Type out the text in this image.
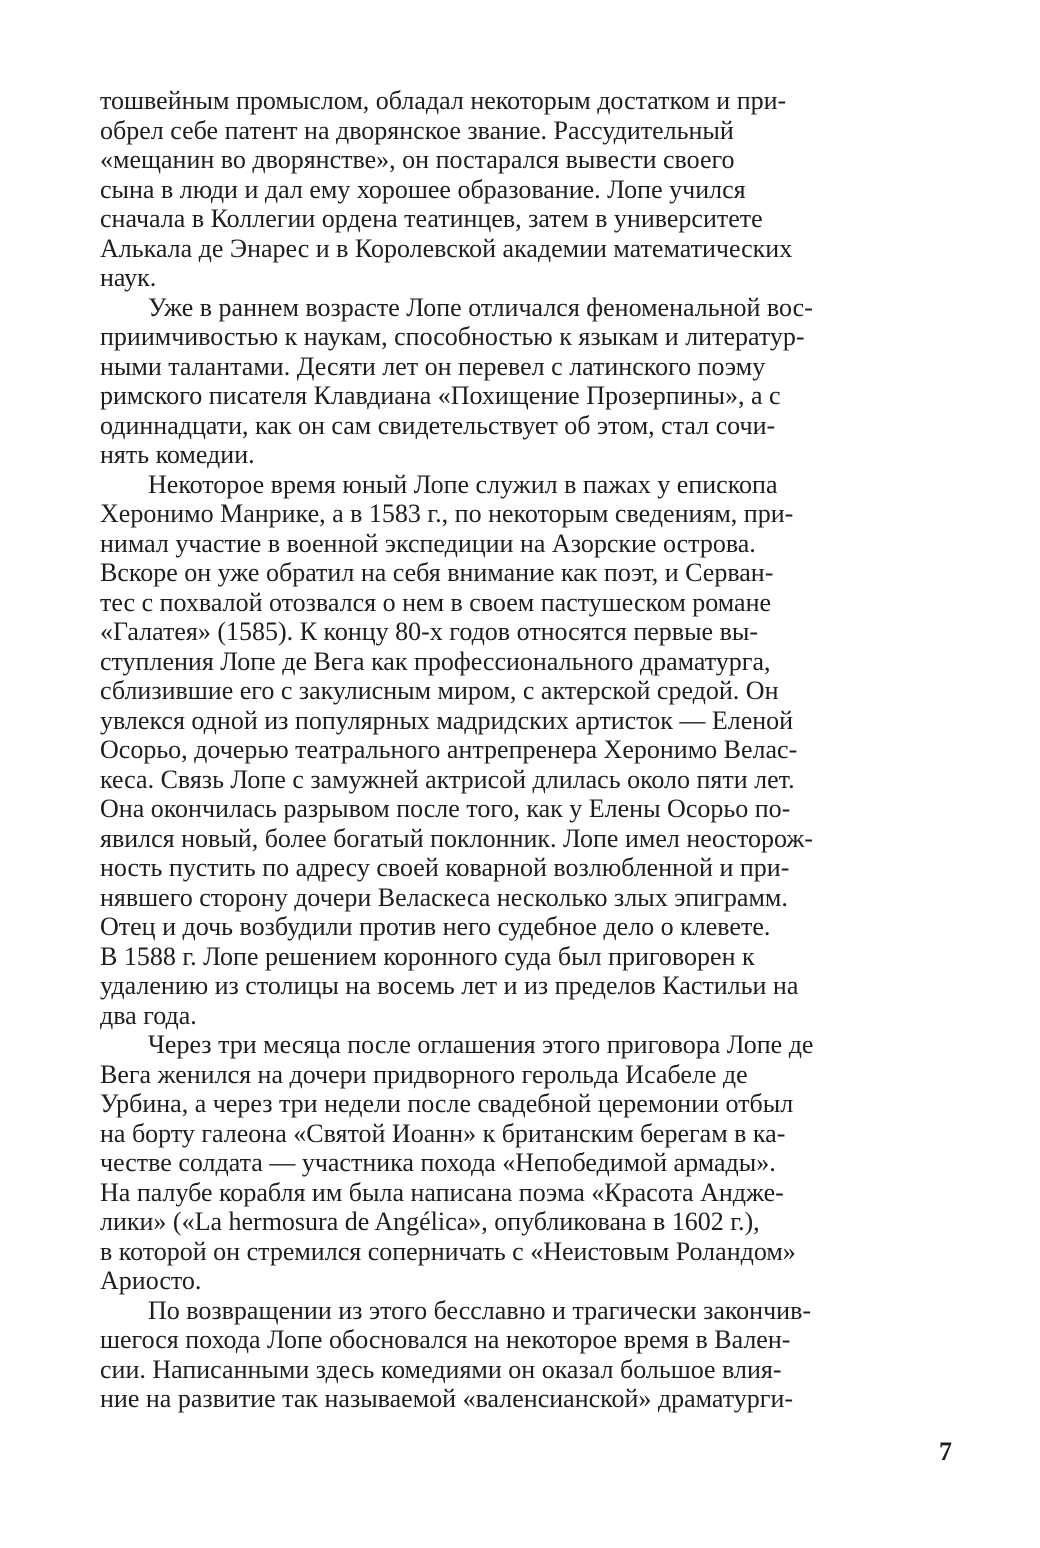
тошвейным промыслом, обладал некоторым достатком и при-
обрел себе патент на дворянское звание. Рассудительный
«мещанин во дворянстве», он постарался вывести своего
сына в люди и дал ему хорошее образование. Лопе учился
сначала в Коллегии ордена театинцев, затем в университете
Алькала де Энарес и в Королевской академии математических
наук.
Уже в раннем возрасте Лопе отличался феноменальной вос-
приимчивостью к наукам, способностью к языкам и литератур-
ными талантами. Десяти лет он перевел с латинского поэму
римского писателя Клавдиана «Похищение Прозерпины», а с
одиннадцати, как он сам свидетельствует об этом, стал сочи-
нять комедии.
Некоторое время юный Лопе служил в пажах у епископа
Херонимо Манрике, а в 1583 г., по некоторым сведениям, при-
нимал участие в военной экспедиции на Азорские острова.
Вскоре он уже обратил на себя внимание как поэт, и Серван-
тес с похвалой отозвался о нем в своем пастушеском романе
«Галатея» (1585). К концу 80-х годов относятся первые вы-
ступления Лопе де Вега как профессионального драматурга,
сблизившие его с закулисным миром, с актерской средой. Он
увлекся одной из популярных мадридских артисток — Еленой
Осорьо, дочерью театрального антрепренера Херонимо Велас-
кеса. Связь Лопе с замужней актрисой длилась около пяти лет.
Она окончилась разрывом после того, как у Елены Осорьо по-
явился новый, более богатый поклонник. Лопе имел неосторож-
ность пустить по адресу своей коварной возлюбленной и при-
нявшего сторону дочери Веласкеса несколько злых эпиграмм.
Отец и дочь возбудили против него судебное дело о клевете.
В 1588 г. Лопе решением коронного суда был приговорен к
удалению из столицы на восемь лет и из пределов Кастильи на
два года.
Через три месяца после оглашения этого приговора Лопе де
Вега женился на дочери придворного герольда Исабеле де
Урбина, а через три недели после свадебной церемонии отбыл
на борту галеона «Святой Иоанн» к британским берегам в ка-
честве солдата — участника похода «Непобедимой армады».
На палубе корабля им была написана поэма «Красота Андже-
лики» («La hermosura de Angélica», опубликована в 1602 г.),
в которой он стремился соперничать с «Неистовым Роландом»
Ариосто.
По возвращении из этого бесславно и трагически закончив-
шегося похода Лопе обосновался на некоторое время в Вален-
сии. Написанными здесь комедиями он оказал большое влия-
ние на развитие так называемой «валенсианской» драматурги-
7
